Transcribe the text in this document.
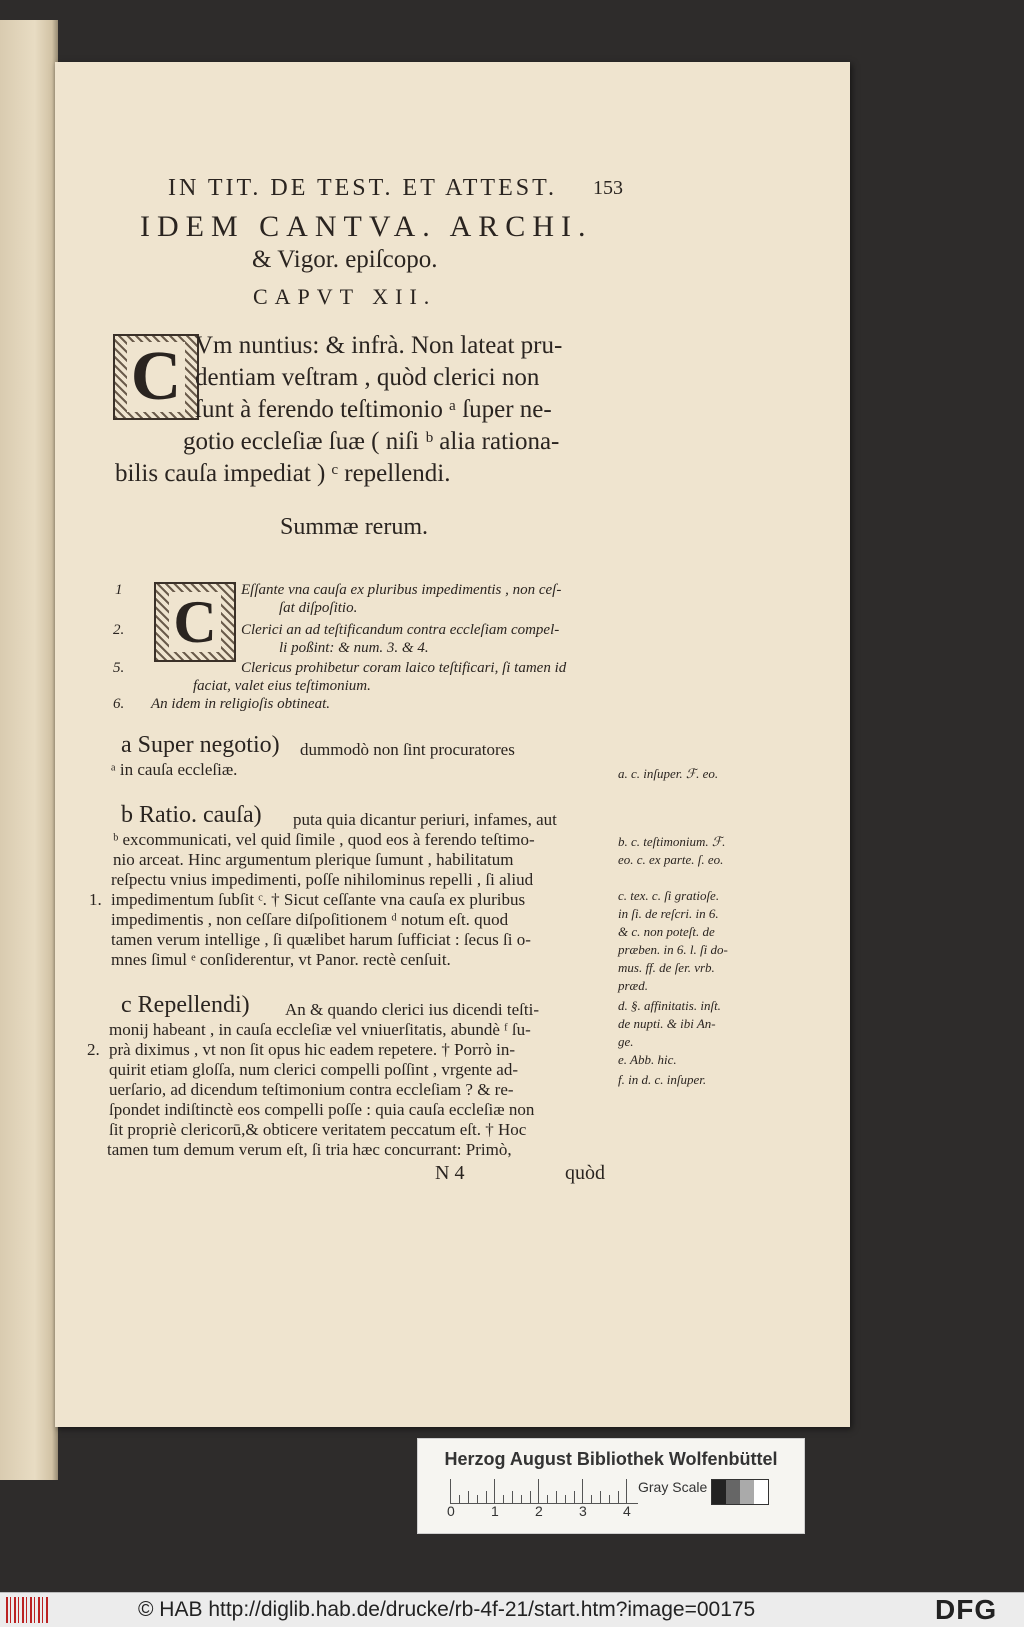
IN TIT. DE TEST. ET ATTEST. 153
IDEM CANTVA. ARCHI.
& Vigor. epiſcopo.
CAPVT XII.
C Vm nuntius: & infrà. Non lateat pru-
dentiam veſtram , quòd clerici non
ſunt à ferendo teſtimonio ᵃ ſuper ne-
gotio eccleſiæ ſuæ ( niſi ᵇ alia rationa-
bilis cauſa impediat ) ᶜ repellendi.
Summæ rerum.
C
1
2.
5.
6.
Eſſante vna cauſa ex pluribus impedimentis , non ceſ-
ſat diſpoſitio.
Clerici an ad teſtificandum contra eccleſiam compel-
li poßint: & num. 3. & 4.
Clericus prohibetur coram laico teſtificari, ſi tamen id
faciat, valet eius teſtimonium.
An idem in religioſis obtineat.
a Super negotio) dummodò non ſint procuratores
ᵃ in cauſa eccleſiæ.
b Ratio. cauſa) puta quia dicantur periuri, infames, aut
ᵇ excommunicati, vel quid ſimile , quod eos à ferendo teſtimo-
nio arceat. Hinc argumentum plerique ſumunt , habilitatum
reſpectu vnius impedimenti, poſſe nihilominus repelli , ſi aliud
impedimentum ſubſit ᶜ. † Sicut ceſſante vna cauſa ex pluribus
impedimentis , non ceſſare diſpoſitionem ᵈ notum eſt. quod
tamen verum intellige , ſi quælibet harum ſufficiat : ſecus ſi o-
mnes ſimul ᵉ conſiderentur, vt Panor. rectè cenſuit.
c Repellendi) An & quando clerici ius dicendi teſti-
monij habeant , in cauſa eccleſiæ vel vniuerſitatis, abundè ᶠ ſu-
prà diximus , vt non ſit opus hic eadem repetere. † Porrò in-
quirit etiam gloſſa, num clerici compelli poſſint , vrgente ad-
uerſario, ad dicendum teſtimonium contra eccleſiam ? & re-
ſpondet indiſtinctè eos compelli poſſe : quia cauſa eccleſiæ non
ſit propriè clericorū,& obticere veritatem peccatum eſt. † Hoc
tamen tum demum verum eſt, ſi tria hæc concurrant: Primò,
1.
2.
a. c. inſuper. ℱ. eo.
b. c. teſtimonium. ℱ.
eo. c. ex parte. ſ. eo.
c. tex. c. ſi gratioſe.
in ſi. de reſcri. in 6.
& c. non poteſt. de
præben. in 6. l. ſi do-
mus. ff. de ſer. vrb.
præd.
d. §. affinitatis. inſt.
de nupti. & ibi An-
ge.
e. Abb. hic.
f. in d. c. inſuper.
N 4	quòd
Herzog August Bibliothek Wolfenbüttel
0	1	2	3	4
Gray Scale
© HAB http://diglib.hab.de/drucke/rb-4f-21/start.htm?image=00175	DFG
